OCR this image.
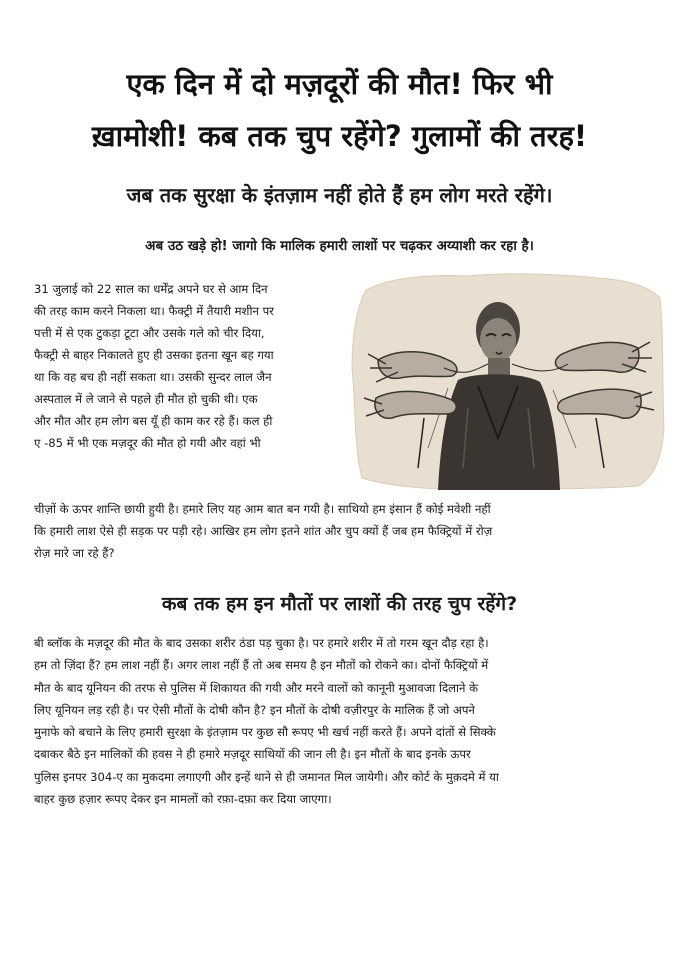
एक दिन में दो मज़दूरों की मौत! फिर भी
ख़ामोशी! कब तक चुप रहेंगे? गुलामों की तरह!
जब तक सुरक्षा के इंतज़ाम नहीं होते हैं हम लोग मरते रहेंगे।
अब उठ खड़े हो! जागो कि मालिक हमारी लाशों पर चढ़कर अय्याशी कर रहा है।
31 जुलाई को 22 साल का धर्मेंद्र अपने घर से आम दिन
की तरह काम करने निकला था। फैक्ट्री में तैयारी मशीन पर
पत्ती में से एक टुकड़ा टूटा और उसके गले को चीर दिया,
फैक्ट्री से बाहर निकालते हुए ही उसका इतना खून बह गया
था कि वह बच ही नहीं सकता था। उसकी सुन्दर लाल जैन
अस्पताल में ले जाने से पहले ही मौत हो चुकी थी। एक
और मौत और हम लोग बस यूँ ही काम कर रहे हैं। कल ही
ए -85 में भी एक मज़दूर की मौत हो गयी और वहां भी
चीज़ों के ऊपर शान्ति छायी हुयी है। हमारे लिए यह आम बात बन गयी है। साथियो हम इंसान हैं कोई मवेशी नहीं
कि हमारी लाश ऐसे ही सड़क पर पड़ी रहे। आखिर हम लोग इतने शांत और चुप क्यों हैं जब हम फैक्ट्रियों में रोज़
रोज़ मारे जा रहे हैं?
कब तक हम इन मौतों पर लाशों की तरह चुप रहेंगे?
बी ब्लॉक के मज़दूर की मौत के बाद उसका शरीर ठंडा पड़ चुका है। पर हमारे शरीर में तो गरम खून दौड़ रहा है।
हम तो ज़िंदा हैं? हम लाश नहीं हैं। अगर लाश नहीं हैं तो अब समय है इन मौतों को रोकने का। दोनों फैक्ट्रियों में
मौत के बाद यूनियन की तरफ से पुलिस में शिकायत की गयी और मरने वालों को कानूनी मुआवजा दिलाने के
लिए यूनियन लड़ रही है। पर ऐसी मौतों के दोषी कौन है? इन मौतों के दोषी वज़ीरपुर के मालिक हैं जो अपने
मुनाफे को बचाने के लिए हमारी सुरक्षा के इंतज़ाम पर कुछ सौ रूपए भी खर्च नहीं करते हैं। अपने दांतों से सिक्के
दबाकर बैठे इन मालिकों की हवस ने ही हमारे मज़दूर साथियों की जान ली है। इन मौतों के बाद इनके ऊपर
पुलिस इनपर 304-ए का मुकदमा लगाएगी और इन्हें थाने से ही जमानत मिल जायेगी। और कोर्ट के मुक़दमे में या
बाहर कुछ हज़ार रूपए देकर इन मामलों को रफ़ा-दफ़ा कर दिया जाएगा।
